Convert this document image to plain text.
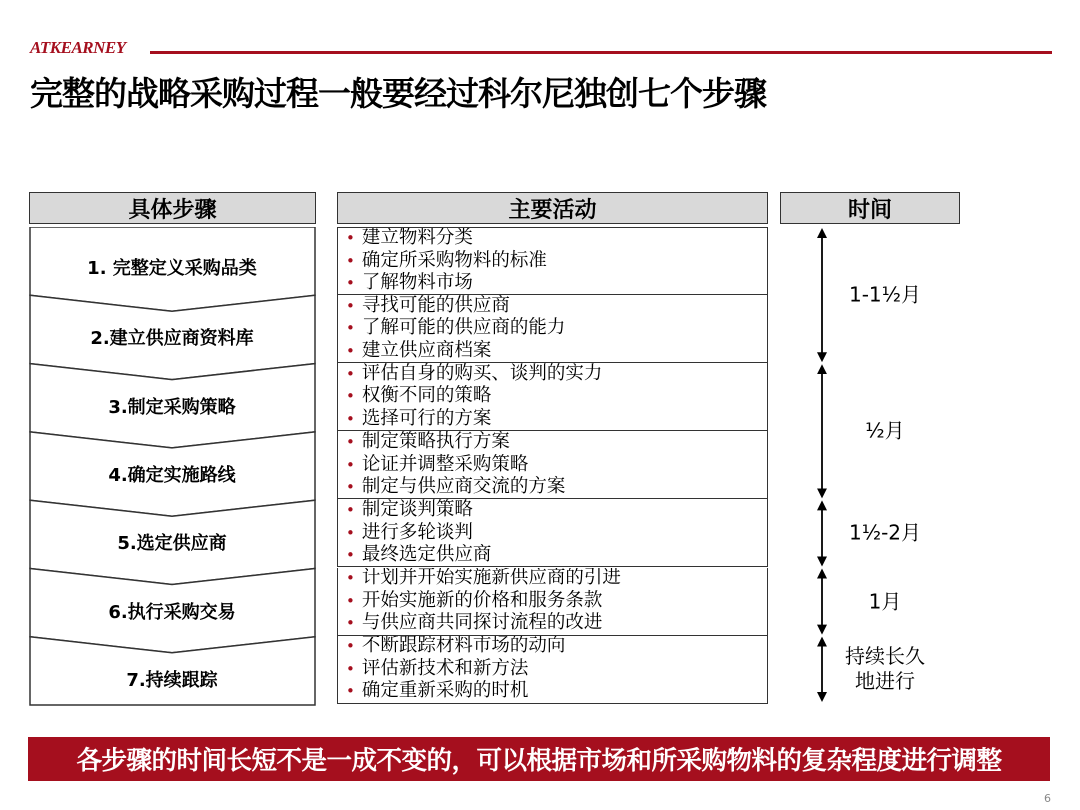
ATKEARNEY
完整的战略采购过程一般要经过科尔尼独创七个步骤
具体步骤	主要活动	时间
1. 完整定义采购品类
2.建立供应商资料库
3.制定采购策略
4.确定实施路线
5.选定供应商
6.执行采购交易
7.持续跟踪
• 建立物料分类
• 确定所采购物料的标准
• 了解物料市场
• 寻找可能的供应商
• 了解可能的供应商的能力
• 建立供应商档案
• 评估自身的购买、谈判的实力
• 权衡不同的策略
• 选择可行的方案
• 制定策略执行方案
• 论证并调整采购策略
• 制定与供应商交流的方案
• 制定谈判策略
• 进行多轮谈判
• 最终选定供应商
• 计划并开始实施新供应商的引进
• 开始实施新的价格和服务条款
• 与供应商共同探讨流程的改进
• 不断跟踪材料市场的动向
• 评估新技术和新方法
• 确定重新采购的时机
1-1½月
½月
1½-2月
1月
持续长久
地进行
各步骤的时间长短不是一成不变的，可以根据市场和所采购物料的复杂程度进行调整
6
